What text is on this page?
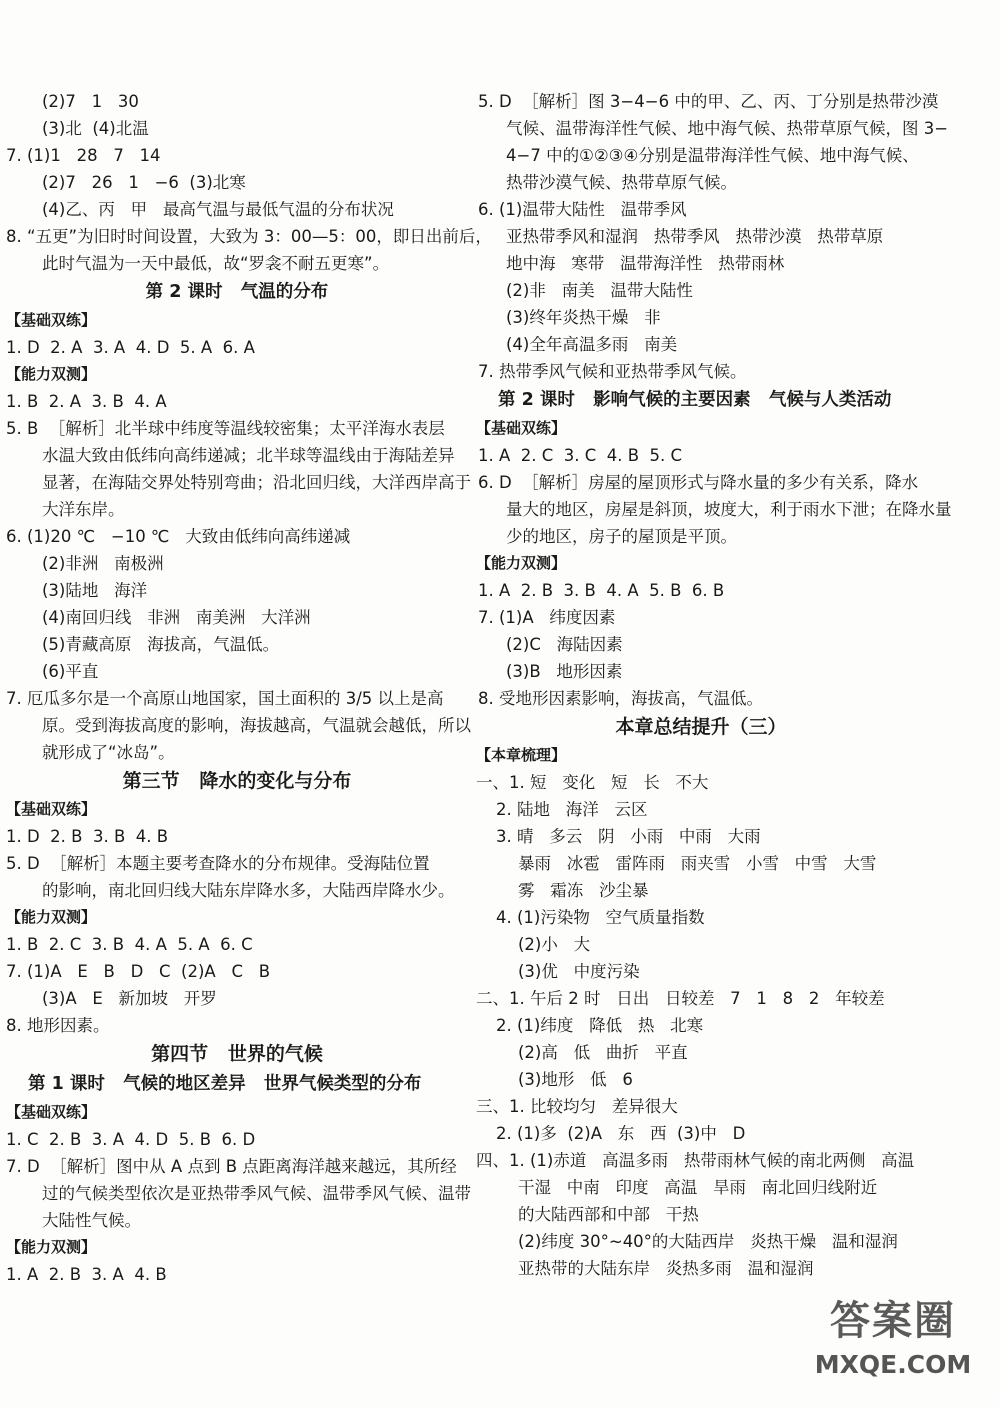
(2)7   1   30
(3)北  (4)北温
7. (1)1   28   7   14
(2)7   26   1   −6  (3)北寒
(4)乙、丙   甲   最高气温与最低气温的分布状况
8. “五更”为旧时时间设置，大致为 3：00—5：00，即日出前后，
此时气温为一天中最低，故“罗衾不耐五更寒”。
第 2 课时   气温的分布
【基础双练】
1. D  2. A  3. A  4. D  5. A  6. A
【能力双测】
1. B  2. A  3. B  4. A
5. B  ［解析］北半球中纬度等温线较密集；太平洋海水表层
水温大致由低纬向高纬递减；北半球等温线由于海陆差异
显著，在海陆交界处特别弯曲；沿北回归线，大洋西岸高于
大洋东岸。
6. (1)20 ℃   −10 ℃   大致由低纬向高纬递减
(2)非洲   南极洲
(3)陆地   海洋
(4)南回归线   非洲   南美洲   大洋洲
(5)青藏高原   海拔高，气温低。
(6)平直
7. 厄瓜多尔是一个高原山地国家，国土面积的 3/5 以上是高
原。受到海拔高度的影响，海拔越高，气温就会越低，所以
就形成了“冰岛”。
第三节   降水的变化与分布
【基础双练】
1. D  2. B  3. B  4. B
5. D  ［解析］本题主要考查降水的分布规律。受海陆位置
的影响，南北回归线大陆东岸降水多，大陆西岸降水少。
【能力双测】
1. B  2. C  3. B  4. A  5. A  6. C
7. (1)A   E   B   D   C  (2)A   C   B
(3)A   E   新加坡   开罗
8. 地形因素。
第四节   世界的气候
第 1 课时   气候的地区差异   世界气候类型的分布
【基础双练】
1. C  2. B  3. A  4. D  5. B  6. D
7. D  ［解析］图中从 A 点到 B 点距离海洋越来越远，其所经
过的气候类型依次是亚热带季风气候、温带季风气候、温带
大陆性气候。
【能力双测】
1. A  2. B  3. A  4. B
5. D  ［解析］图 3−4−6 中的甲、乙、丙、丁分别是热带沙漠
气候、温带海洋性气候、地中海气候、热带草原气候，图 3−
4−7 中的①②③④分别是温带海洋性气候、地中海气候、
热带沙漠气候、热带草原气候。
6. (1)温带大陆性   温带季风
亚热带季风和湿润   热带季风   热带沙漠   热带草原
地中海   寒带   温带海洋性   热带雨林
(2)非   南美   温带大陆性
(3)终年炎热干燥   非
(4)全年高温多雨   南美
7. 热带季风气候和亚热带季风气候。
第 2 课时   影响气候的主要因素   气候与人类活动
【基础双练】
1. A  2. C  3. C  4. B  5. C
6. D  ［解析］房屋的屋顶形式与降水量的多少有关系，降水
量大的地区，房屋是斜顶，坡度大，利于雨水下泄；在降水量
少的地区，房子的屋顶是平顶。
【能力双测】
1. A  2. B  3. B  4. A  5. B  6. B
7. (1)A   纬度因素
(2)C   海陆因素
(3)B   地形因素
8. 受地形因素影响，海拔高，气温低。
本章总结提升（三）
【本章梳理】
一、1. 短   变化   短   长   不大
2. 陆地   海洋   云区
3. 晴   多云   阴   小雨   中雨   大雨
暴雨   冰雹   雷阵雨   雨夹雪   小雪   中雪   大雪
雾   霜冻   沙尘暴
4. (1)污染物   空气质量指数
(2)小   大
(3)优   中度污染
二、1. 午后 2 时   日出   日较差   7   1   8   2   年较差
2. (1)纬度   降低   热   北寒
(2)高   低   曲折   平直
(3)地形   低   6
三、1. 比较均匀   差异很大
2. (1)多  (2)A   东   西  (3)中   D
四、1. (1)赤道   高温多雨   热带雨林气候的南北两侧   高温
干湿   中南   印度   高温   旱雨   南北回归线附近
的大陆西部和中部   干热
(2)纬度 30°~40°的大陆西岸   炎热干燥   温和湿润
亚热带的大陆东岸   炎热多雨   温和湿润
答案圈
MXQE.COM
